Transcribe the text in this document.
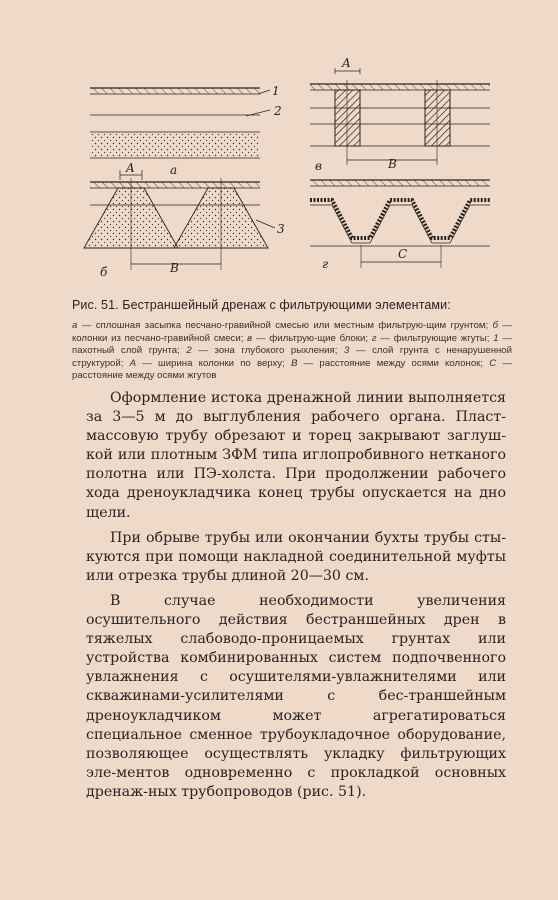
1
2
а
A
B
в
A
B
3
б
C
г
Рис. 51. Бестраншейный дренаж с фильтрующими элементами:
а — сплошная засыпка песчано-гравийной смесью или местным фильтрую-щим грунтом; б — колонки из песчано-гравийной смеси; в — фильтрую-щие блоки; г — фильтрующие жгуты; 1 — пахотный слой грунта; 2 — зона глубокого рыхления; 3 — слой грунта с ненарушенной структурой; A — ширина колонки по верху; B — расстояние между осями колонок; C — расстояние между осями жгутов

Оформление истока дренажной линии выполняется за 3—5 м до выглубления рабочего органа. Пласт-массовую трубу обрезают и торец закрывают заглуш-кой или плотным ЗФМ типа иглопробивного нетканого полотна или ПЭ-холста. При продолжении рабочего хода дреноукладчика конец трубы опускается на дно щели.

При обрыве трубы или окончании бухты трубы сты-куются при помощи накладной соединительной муфты или отрезка трубы длиной 20—30 см.

В случае необходимости увеличения осушительного действия бестраншейных дрен в тяжелых слабоводо-проницаемых грунтах или устройства комбинированных систем подпочвенного увлажнения с осушителями-увлажнителями или скважинами-усилителями с бес-траншейным дреноукладчиком может агрегатироваться специальное сменное трубоукладочное оборудование, позволяющее осуществлять укладку фильтрующих эле-ментов одновременно с прокладкой основных дренаж-ных трубопроводов (рис. 51).
